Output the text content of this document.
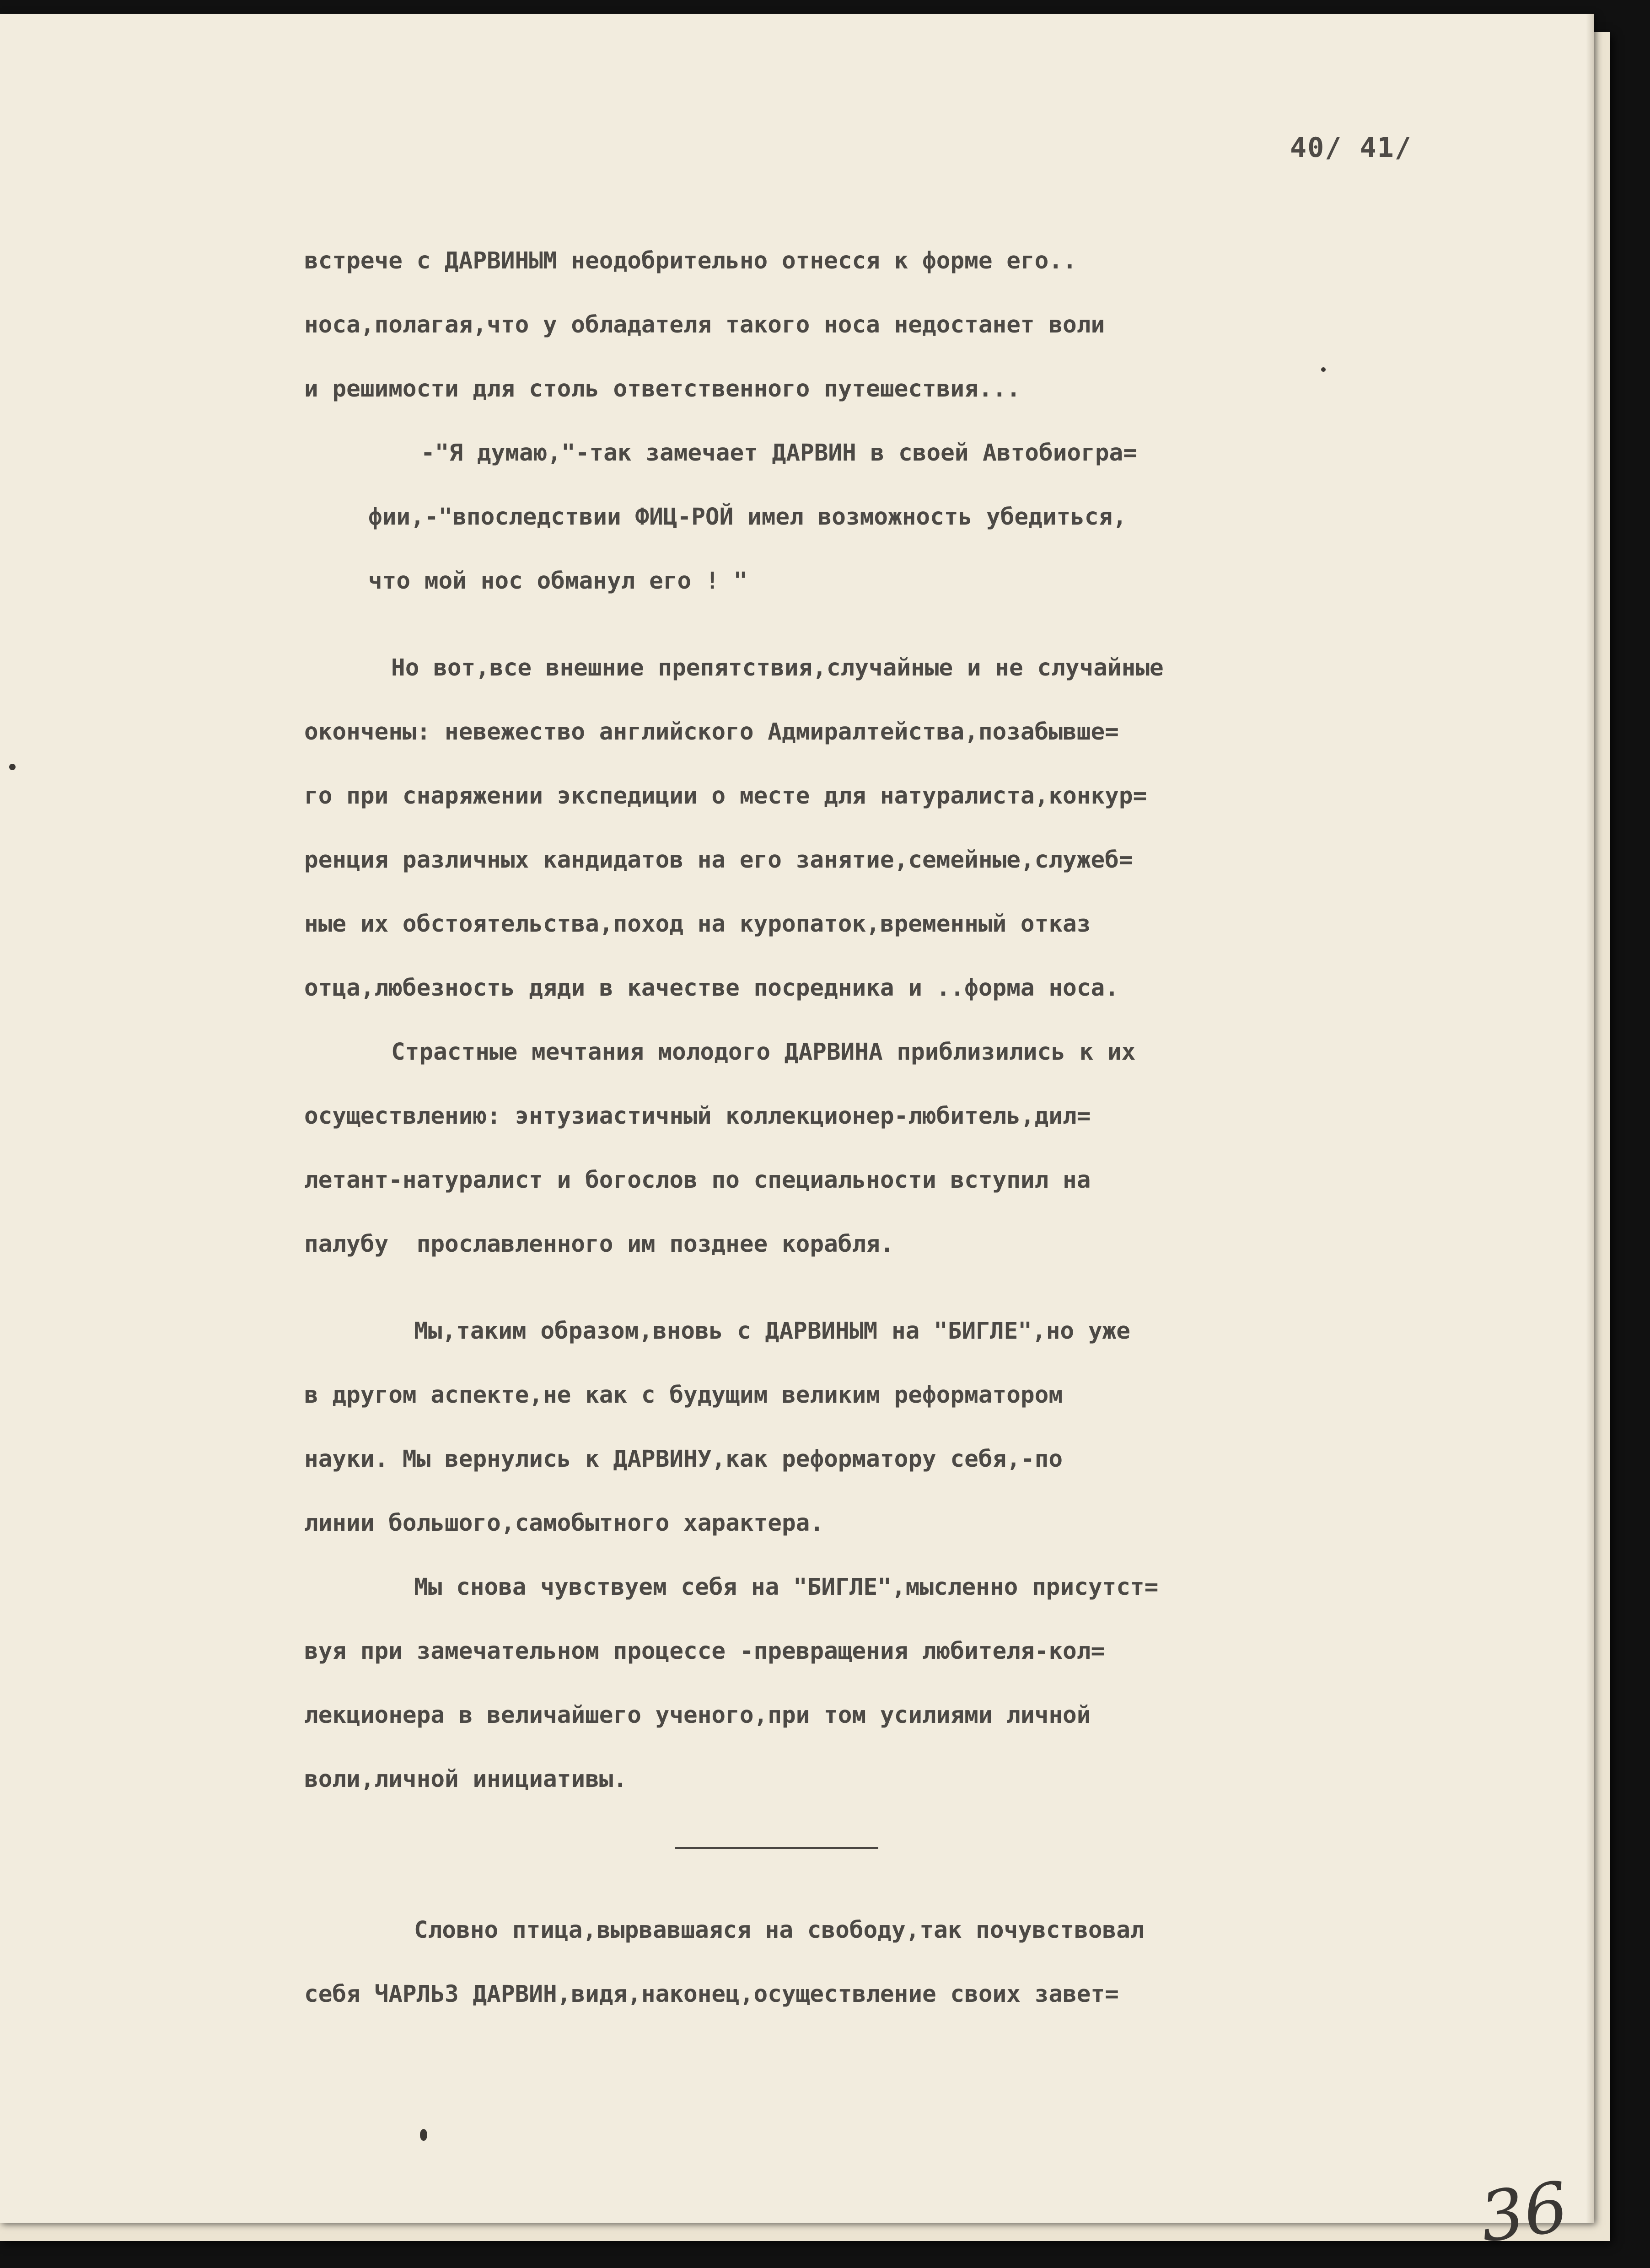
40/ 41/

встрече с ДАРВИНЫМ неодобрительно отнесся к форме его..

носа,полагая,что у обладателя такого носа недостанет воли

и решимости для столь ответственного путешествия...

-"Я думаю,"-так замечает ДАРВИН в своей Автобиогра=

фии,-"впоследствии ФИЦ-РОЙ имел возможность убедиться,

что мой нос обманул его ! "

Но вот,все внешние препятствия,случайные и не случайные

окончены: невежество английского Адмиралтейства,позабывше=

го при снаряжении экспедиции о месте для натуралиста,конкур=

ренция различных кандидатов на его занятие,семейные,служеб=

ные их обстоятельства,поход на куропаток,временный отказ

отца,любезность дяди в качестве посредника и ..форма носа.

Страстные мечтания молодого ДАРВИНА приблизились к их

осуществлению: энтузиастичный коллекционер-любитель,дил=

летант-натуралист и богослов по специальности вступил на

палубу  прославленного им позднее корабля.

Мы,таким образом,вновь с ДАРВИНЫМ на "БИГЛЕ",но уже

в другом аспекте,не как с будущим великим реформатором

науки. Мы вернулись к ДАРВИНУ,как реформатору себя,-по

линии большого,самобытного характера.

Мы снова чувствуем себя на "БИГЛЕ",мысленно присутст=

вуя при замечательном процессе -превращения любителя-кол=

лекционера в величайшего ученого,при том усилиями личной

воли,личной инициативы.

Словно птица,вырвавшаяся на свободу,так почувствовал

себя ЧАРЛЬЗ ДАРВИН,видя,наконец,осуществление своих завет=

36
